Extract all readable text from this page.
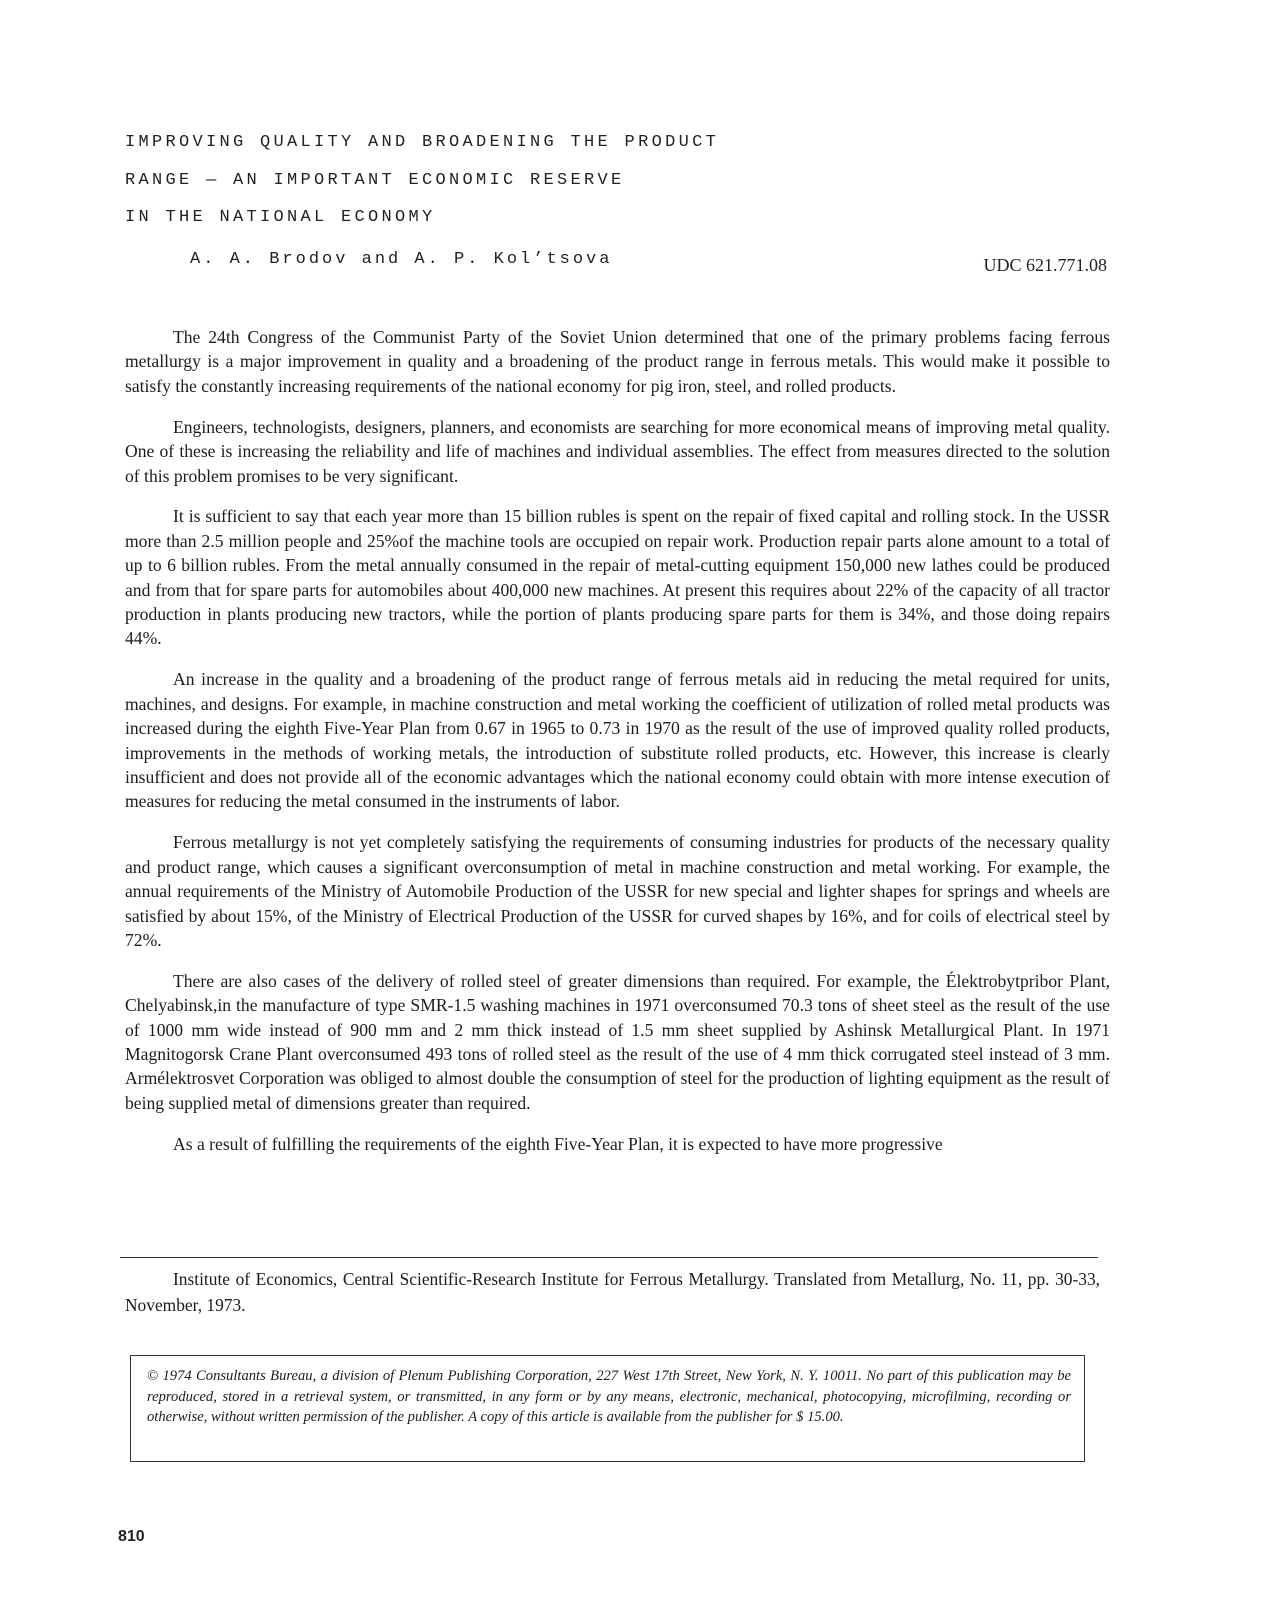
IMPROVING QUALITY AND BROADENING THE PRODUCT
RANGE — AN IMPORTANT ECONOMIC RESERVE
IN THE NATIONAL ECONOMY
A. A. Brodov and A. P. Kol’tsova	UDC 621.771.08

The 24th Congress of the Communist Party of the Soviet Union determined that one of the primary problems facing ferrous metallurgy is a major improvement in quality and a broadening of the product range in ferrous metals. This would make it possible to satisfy the constantly increasing requirements of the national economy for pig iron, steel, and rolled products.

Engineers, technologists, designers, planners, and economists are searching for more economical means of improving metal quality. One of these is increasing the reliability and life of machines and individual assemblies. The effect from measures directed to the solution of this problem promises to be very significant.

It is sufficient to say that each year more than 15 billion rubles is spent on the repair of fixed capital and rolling stock. In the USSR more than 2.5 million people and 25%of the machine tools are occupied on repair work. Production repair parts alone amount to a total of up to 6 billion rubles. From the metal annually consumed in the repair of metal-cutting equipment 150,000 new lathes could be produced and from that for spare parts for automobiles about 400,000 new machines. At present this requires about 22% of the capacity of all tractor production in plants producing new tractors, while the portion of plants producing spare parts for them is 34%, and those doing repairs 44%.

An increase in the quality and a broadening of the product range of ferrous metals aid in reducing the metal required for units, machines, and designs. For example, in machine construction and metal working the coefficient of utilization of rolled metal products was increased during the eighth Five-Year Plan from 0.67 in 1965 to 0.73 in 1970 as the result of the use of improved quality rolled products, improvements in the methods of working metals, the introduction of substitute rolled products, etc. However, this increase is clearly insufficient and does not provide all of the economic advantages which the national economy could obtain with more intense execution of measures for reducing the metal consumed in the instruments of labor.

Ferrous metallurgy is not yet completely satisfying the requirements of consuming industries for products of the necessary quality and product range, which causes a significant overconsumption of metal in machine construction and metal working. For example, the annual requirements of the Ministry of Automobile Production of the USSR for new special and lighter shapes for springs and wheels are satisfied by about 15%, of the Ministry of Electrical Production of the USSR for curved shapes by 16%, and for coils of electrical steel by 72%.

There are also cases of the delivery of rolled steel of greater dimensions than required. For example, the Élektrobytpribor Plant, Chelyabinsk,in the manufacture of type SMR-1.5 washing machines in 1971 overconsumed 70.3 tons of sheet steel as the result of the use of 1000 mm wide instead of 900 mm and 2 mm thick instead of 1.5 mm sheet supplied by Ashinsk Metallurgical Plant. In 1971 Magnitogorsk Crane Plant overconsumed 493 tons of rolled steel as the result of the use of 4 mm thick corrugated steel instead of 3 mm. Armélektrosvet Corporation was obliged to almost double the consumption of steel for the production of lighting equipment as the result of being supplied metal of dimensions greater than required.

As a result of fulfilling the requirements of the eighth Five-Year Plan, it is expected to have more progressive

Institute of Economics, Central Scientific-Research Institute for Ferrous Metallurgy. Translated from Metallurg, No. 11, pp. 30-33, November, 1973.

© 1974 Consultants Bureau, a division of Plenum Publishing Corporation, 227 West 17th Street, New York, N. Y. 10011. No part of this publication may be reproduced, stored in a retrieval system, or transmitted, in any form or by any means, electronic, mechanical, photocopying, microfilming, recording or otherwise, without written permission of the publisher. A copy of this article is available from the publisher for $ 15.00.
810
